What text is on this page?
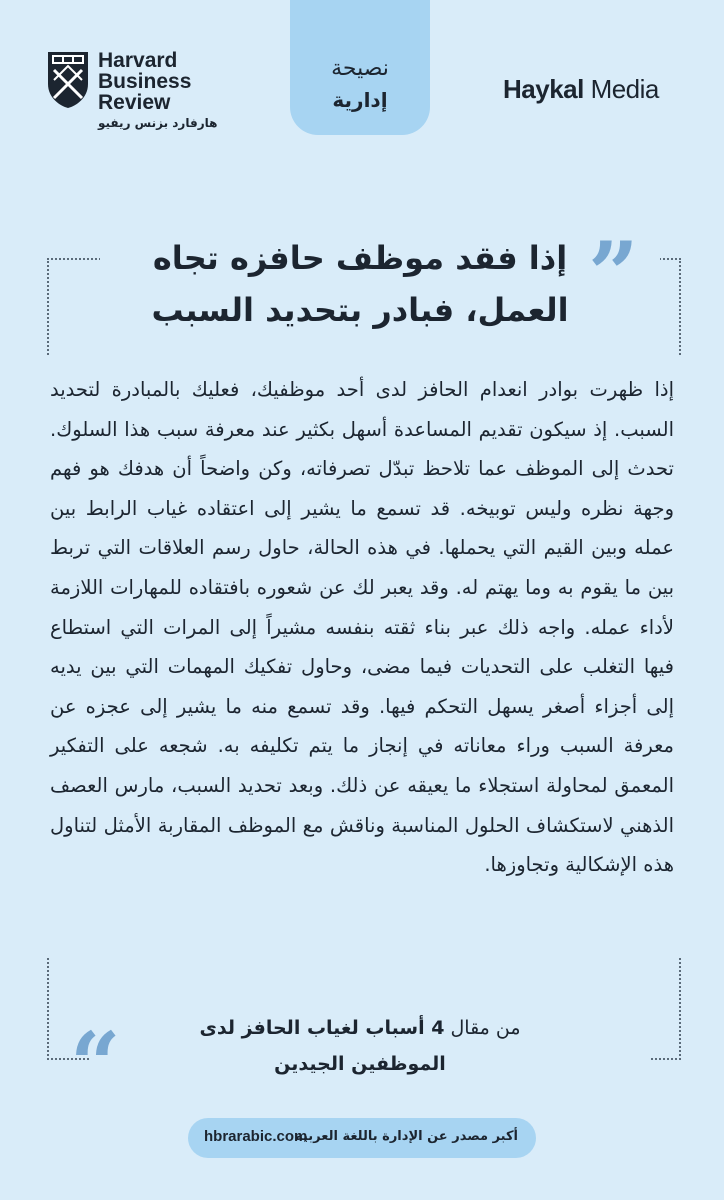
Harvard
Business
Review
هارفارد بزنس ريفيو
نصيحة
إدارية	Haykal Media
”
إذا فقد موظف حافزه تجاه العمل، فبادر بتحديد السبب

إذا ظهرت بوادر انعدام الحافز لدى أحد موظفيك، فعليك بالمبادرة لتحديد السبب. إذ سيكون تقديم المساعدة أسهل بكثير عند معرفة سبب هذا السلوك. تحدث إلى الموظف عما تلاحظ تبدّل تصرفاته، وكن واضحاً أن هدفك هو فهم وجهة نظره وليس توبيخه. قد تسمع ما يشير إلى اعتقاده غياب الرابط بين عمله وبين القيم التي يحملها. في هذه الحالة، حاول رسم العلاقات التي تربط بين ما يقوم به وما يهتم له. وقد يعبر لك عن شعوره بافتقاده للمهارات اللازمة لأداء عمله. واجه ذلك عبر بناء ثقته بنفسه مشيراً إلى المرات التي استطاع فيها التغلب على التحديات فيما مضى، وحاول تفكيك المهمات التي بين يديه إلى أجزاء أصغر يسهل التحكم فيها. وقد تسمع منه ما يشير إلى عجزه عن معرفة السبب وراء معاناته في إنجاز ما يتم تكليفه به. شجعه على التفكير المعمق لمحاولة استجلاء ما يعيقه عن ذلك. وبعد تحديد السبب، مارس العصف الذهني لاستكشاف الحلول المناسبة وناقش مع الموظف المقاربة الأمثل لتناول هذه الإشكالية وتجاوزها.

“	من مقال 4 أسباب لغياب الحافز لدى الموظفين الجيدين
أكبر مصدر عن الإدارة باللغة العربية
hbrarabic.com
